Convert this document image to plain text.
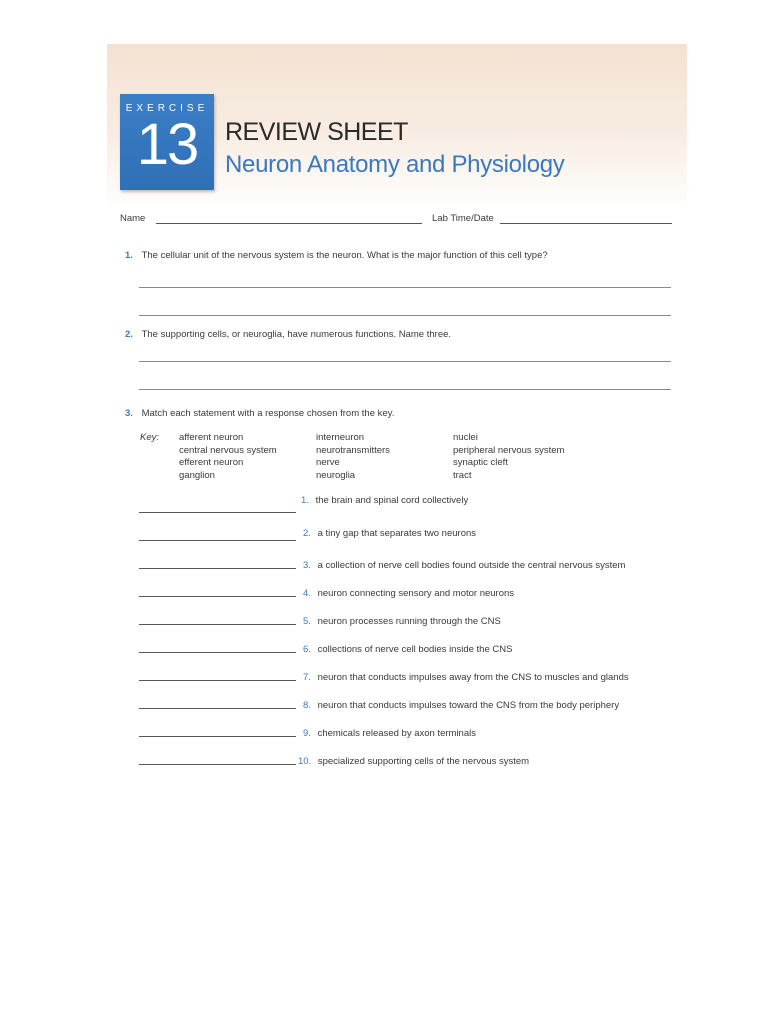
EXERCISE
13	REVIEW SHEET
Neuron Anatomy and Physiology
Name	Lab Time/Date
1. The cellular unit of the nervous system is the neuron. What is the major function of this cell type?
2. The supporting cells, or neuroglia, have numerous functions. Name three.
3. Match each statement with a response chosen from the key.
Key: afferent neuron
central nervous system
efferent neuron
ganglion
interneuron
neurotransmitters
nerve
neuroglia
nuclei
peripheral nervous system
synaptic cleft
tract
1. the brain and spinal cord collectively
2. a tiny gap that separates two neurons
3. a collection of nerve cell bodies found outside the central nervous system
4. neuron connecting sensory and motor neurons
5. neuron processes running through the CNS
6. collections of nerve cell bodies inside the CNS
7. neuron that conducts impulses away from the CNS to muscles and glands
8. neuron that conducts impulses toward the CNS from the body periphery
9. chemicals released by axon terminals
10. specialized supporting cells of the nervous system
